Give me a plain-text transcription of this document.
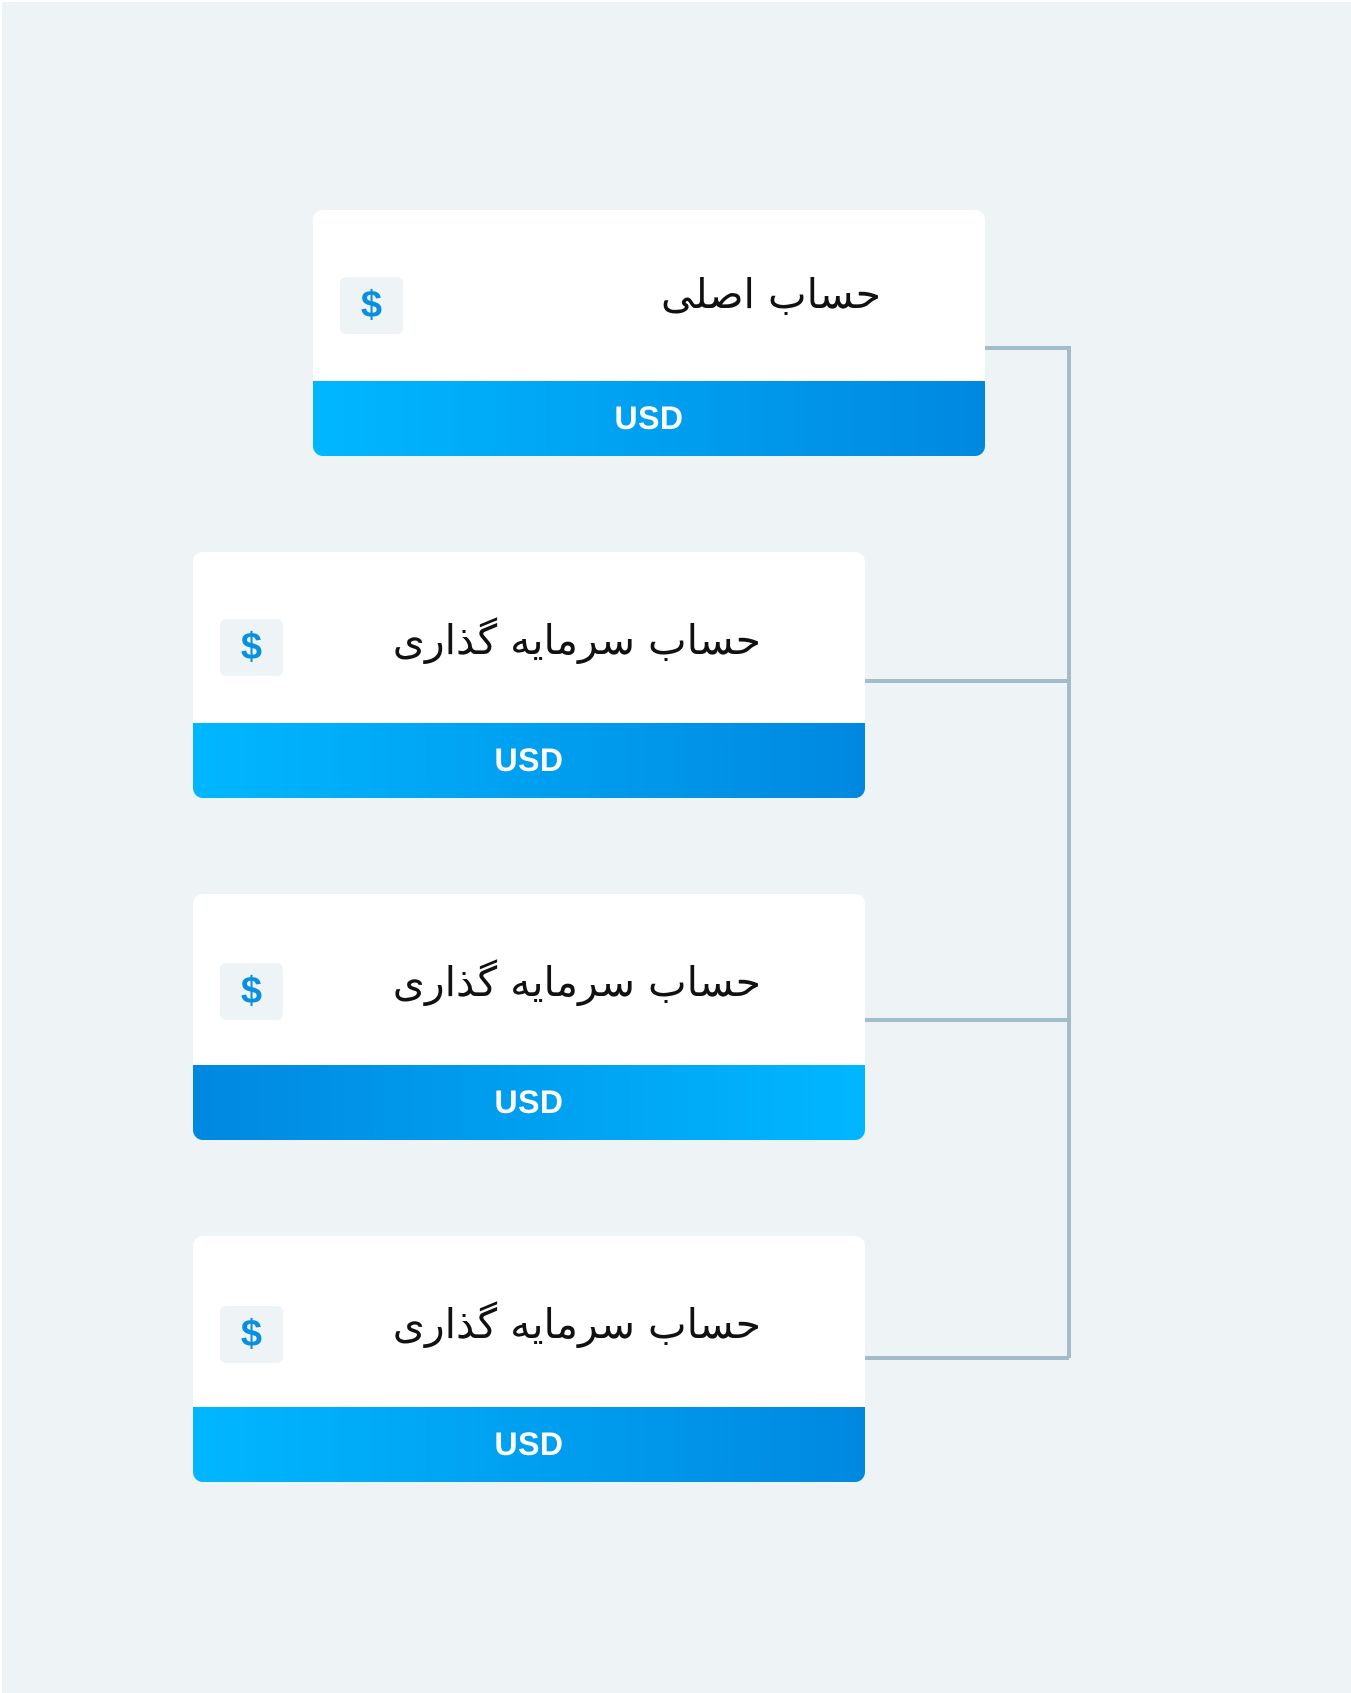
حساب اصلی
$
USD
حساب سرمایه گذاری
$
USD
حساب سرمایه گذاری
$
USD
حساب سرمایه گذاری
$
USD
